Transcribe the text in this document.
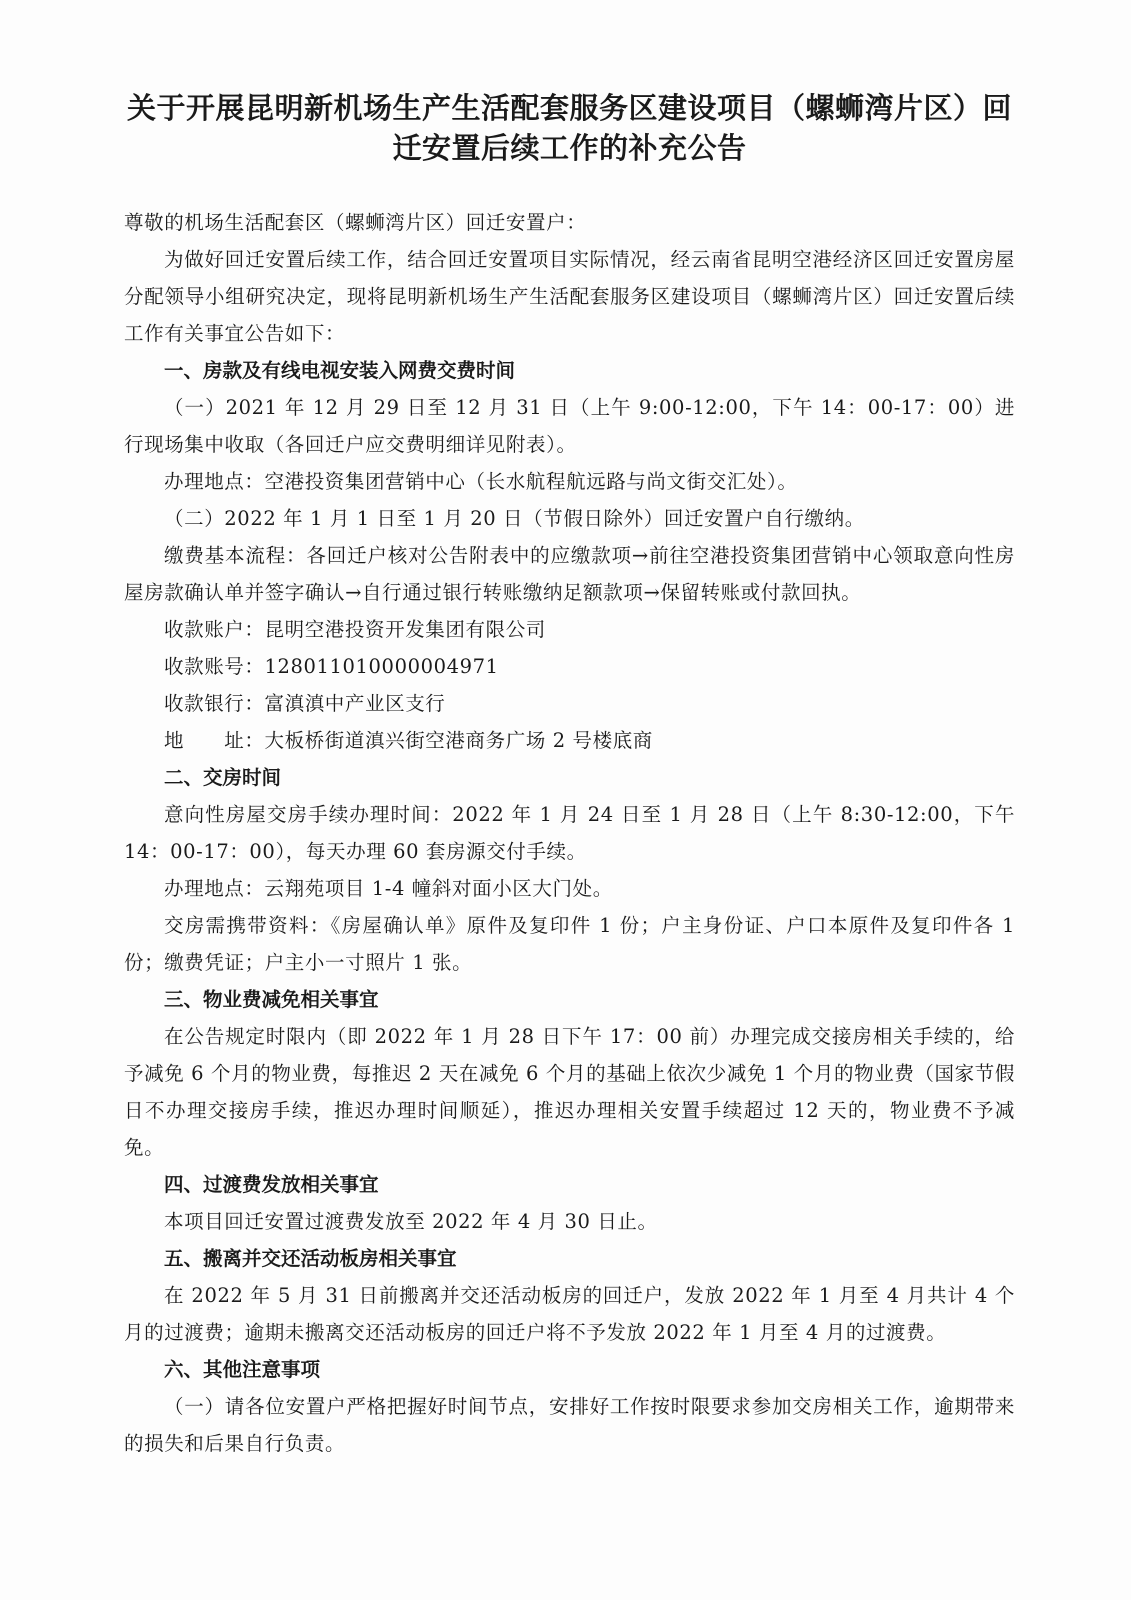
关于开展昆明新机场生产生活配套服务区建设项目（螺蛳湾片区）回
迁安置后续工作的补充公告

尊敬的机场生活配套区（螺蛳湾片区）回迁安置户：

为做好回迁安置后续工作，结合回迁安置项目实际情况，经云南省昆明空港经济区回迁安置房屋分配领导小组研究决定，现将昆明新机场生产生活配套服务区建设项目（螺蛳湾片区）回迁安置后续工作有关事宜公告如下：

一、房款及有线电视安装入网费交费时间

（一）2021 年 12 月 29 日至 12 月 31 日（上午 9:00-12:00，下午 14：00-17：00）进行现场集中收取（各回迁户应交费明细详见附表）。

办理地点：空港投资集团营销中心（长水航程航远路与尚文街交汇处）。

（二）2022 年 1 月 1 日至 1 月 20 日（节假日除外）回迁安置户自行缴纳。

缴费基本流程：各回迁户核对公告附表中的应缴款项→前往空港投资集团营销中心领取意向性房屋房款确认单并签字确认→自行通过银行转账缴纳足额款项→保留转账或付款回执。

收款账户：昆明空港投资开发集团有限公司

收款账号：128011010000004971

收款银行：富滇滇中产业区支行

地　　址：大板桥街道滇兴街空港商务广场 2 号楼底商

二、交房时间

意向性房屋交房手续办理时间：2022 年 1 月 24 日至 1 月 28 日（上午 8:30-12:00，下午 14：00-17：00），每天办理 60 套房源交付手续。

办理地点：云翔苑项目 1-4 幢斜对面小区大门处。

交房需携带资料：《房屋确认单》原件及复印件 1 份；户主身份证、户口本原件及复印件各 1 份；缴费凭证；户主小一寸照片 1 张。

三、物业费减免相关事宜

在公告规定时限内（即 2022 年 1 月 28 日下午 17：00 前）办理完成交接房相关手续的，给予减免 6 个月的物业费，每推迟 2 天在减免 6 个月的基础上依次少减免 1 个月的物业费（国家节假日不办理交接房手续，推迟办理时间顺延），推迟办理相关安置手续超过 12 天的，物业费不予减免。

四、过渡费发放相关事宜

本项目回迁安置过渡费发放至 2022 年 4 月 30 日止。

五、搬离并交还活动板房相关事宜

在 2022 年 5 月 31 日前搬离并交还活动板房的回迁户，发放 2022 年 1 月至 4 月共计 4 个月的过渡费；逾期未搬离交还活动板房的回迁户将不予发放 2022 年 1 月至 4 月的过渡费。

六、其他注意事项

（一）请各位安置户严格把握好时间节点，安排好工作按时限要求参加交房相关工作，逾期带来的损失和后果自行负责。
